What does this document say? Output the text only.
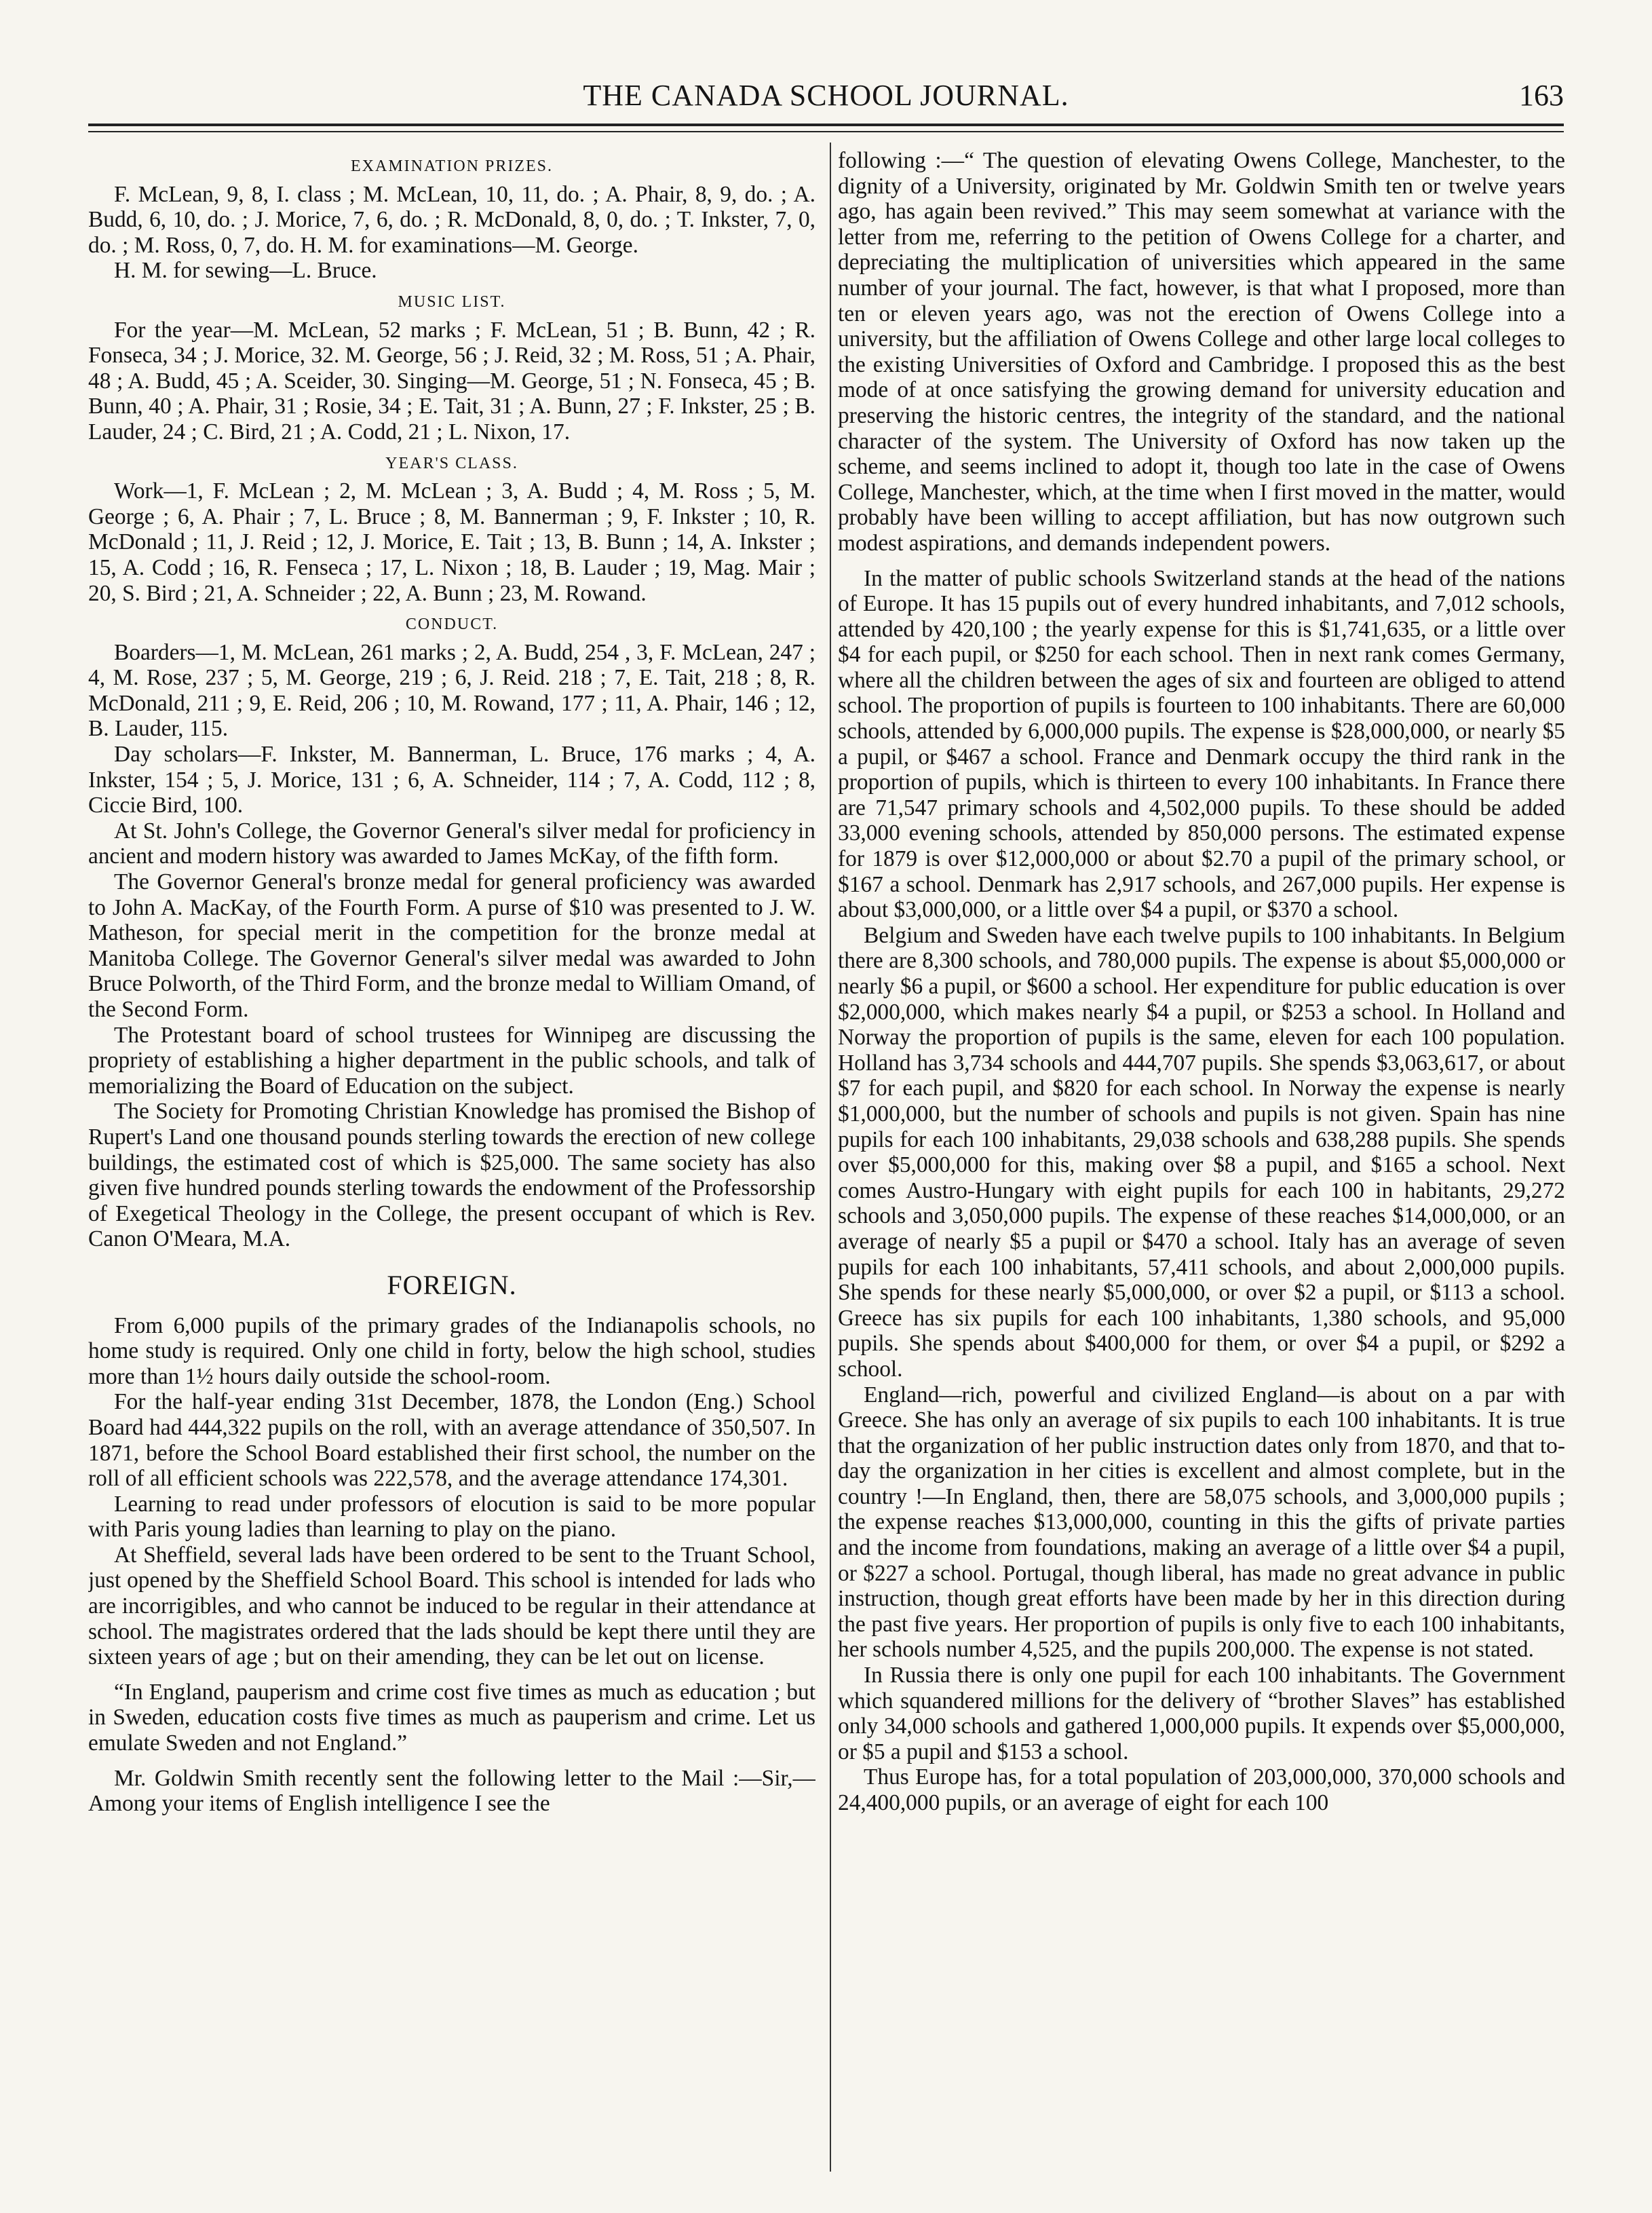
THE CANADA SCHOOL JOURNAL.	163
EXAMINATION PRIZES.

F. McLean, 9, 8, I. class ; M. McLean, 10, 11, do. ; A. Phair, 8, 9, do. ; A. Budd, 6, 10, do. ; J. Morice, 7, 6, do. ; R. McDonald, 8, 0, do. ; T. Inkster, 7, 0, do. ; M. Ross, 0, 7, do. H. M. for examinations—M. George.

H. M. for sewing—L. Bruce.

MUSIC LIST.

For the year—M. McLean, 52 marks ; F. McLean, 51 ; B. Bunn, 42 ; R. Fonseca, 34 ; J. Morice, 32. M. George, 56 ; J. Reid, 32 ; M. Ross, 51 ; A. Phair, 48 ; A. Budd, 45 ; A. Sceider, 30. Singing—M. George, 51 ; N. Fonseca, 45 ; B. Bunn, 40 ; A. Phair, 31 ; Rosie, 34 ; E. Tait, 31 ; A. Bunn, 27 ; F. Inkster, 25 ; B. Lauder, 24 ; C. Bird, 21 ; A. Codd, 21 ; L. Nixon, 17.

YEAR'S CLASS.

Work—1, F. McLean ; 2, M. McLean ; 3, A. Budd ; 4, M. Ross ; 5, M. George ; 6, A. Phair ; 7, L. Bruce ; 8, M. Bannerman ; 9, F. Inkster ; 10, R. McDonald ; 11, J. Reid ; 12, J. Morice, E. Tait ; 13, B. Bunn ; 14, A. Inkster ; 15, A. Codd ; 16, R. Fenseca ; 17, L. Nixon ; 18, B. Lauder ; 19, Mag. Mair ; 20, S. Bird ; 21, A. Schneider ; 22, A. Bunn ; 23, M. Rowand.

CONDUCT.

Boarders—1, M. McLean, 261 marks ; 2, A. Budd, 254 , 3, F. McLean, 247 ; 4, M. Rose, 237 ; 5, M. George, 219 ; 6, J. Reid. 218 ; 7, E. Tait, 218 ; 8, R. McDonald, 211 ; 9, E. Reid, 206 ; 10, M. Rowand, 177 ; 11, A. Phair, 146 ; 12, B. Lauder, 115.

Day scholars—F. Inkster, M. Bannerman, L. Bruce, 176 marks ; 4, A. Inkster, 154 ; 5, J. Morice, 131 ; 6, A. Schneider, 114 ; 7, A. Codd, 112 ; 8, Ciccie Bird, 100.

At St. John's College, the Governor General's silver medal for proficiency in ancient and modern history was awarded to James McKay, of the fifth form.

The Governor General's bronze medal for general proficiency was awarded to John A. MacKay, of the Fourth Form. A purse of $10 was presented to J. W. Matheson, for special merit in the competition for the bronze medal at Manitoba College. The Governor General's silver medal was awarded to John Bruce Polworth, of the Third Form, and the bronze medal to William Omand, of the Second Form.

The Protestant board of school trustees for Winnipeg are discussing the propriety of establishing a higher department in the public schools, and talk of memorializing the Board of Education on the subject.

The Society for Promoting Christian Knowledge has promised the Bishop of Rupert's Land one thousand pounds sterling towards the erection of new college buildings, the estimated cost of which is $25,000. The same society has also given five hundred pounds sterling towards the endowment of the Professorship of Exegetical Theology in the College, the present occupant of which is Rev. Canon O'Meara, M.A.

FOREIGN.

From 6,000 pupils of the primary grades of the Indianapolis schools, no home study is required. Only one child in forty, below the high school, studies more than 1½ hours daily outside the school-room.

For the half-year ending 31st December, 1878, the London (Eng.) School Board had 444,322 pupils on the roll, with an average attendance of 350,507. In 1871, before the School Board established their first school, the number on the roll of all efficient schools was 222,578, and the average attendance 174,301.

Learning to read under professors of elocution is said to be more popular with Paris young ladies than learning to play on the piano.

At Sheffield, several lads have been ordered to be sent to the Truant School, just opened by the Sheffield School Board. This school is intended for lads who are incorrigibles, and who cannot be induced to be regular in their attendance at school. The magistrates ordered that the lads should be kept there until they are sixteen years of age ; but on their amending, they can be let out on license.

“In England, pauperism and crime cost five times as much as education ; but in Sweden, education costs five times as much as pauperism and crime. Let us emulate Sweden and not England.”

Mr. Goldwin Smith recently sent the following letter to the Mail :—Sir,—Among your items of English intelligence I see the

following :—“ The question of elevating Owens College, Manchester, to the dignity of a University, originated by Mr. Goldwin Smith ten or twelve years ago, has again been revived.” This may seem somewhat at variance with the letter from me, referring to the petition of Owens College for a charter, and depreciating the multiplication of universities which appeared in the same number of your journal. The fact, however, is that what I proposed, more than ten or eleven years ago, was not the erection of Owens College into a university, but the affiliation of Owens College and other large local colleges to the existing Universities of Oxford and Cambridge. I proposed this as the best mode of at once satisfying the growing demand for university education and preserving the historic centres, the integrity of the standard, and the national character of the system. The University of Oxford has now taken up the scheme, and seems inclined to adopt it, though too late in the case of Owens College, Manchester, which, at the time when I first moved in the matter, would probably have been willing to accept affiliation, but has now outgrown such modest aspirations, and demands independent powers.

In the matter of public schools Switzerland stands at the head of the nations of Europe. It has 15 pupils out of every hundred inhabitants, and 7,012 schools, attended by 420,100 ; the yearly expense for this is $1,741,635, or a little over $4 for each pupil, or $250 for each school. Then in next rank comes Germany, where all the children between the ages of six and fourteen are obliged to attend school. The proportion of pupils is fourteen to 100 inhabitants. There are 60,000 schools, attended by 6,000,000 pupils. The expense is $28,000,000, or nearly $5 a pupil, or $467 a school. France and Denmark occupy the third rank in the proportion of pupils, which is thirteen to every 100 inhabitants. In France there are 71,547 primary schools and 4,502,000 pupils. To these should be added 33,000 evening schools, attended by 850,000 persons. The estimated expense for 1879 is over $12,000,000 or about $2.70 a pupil of the primary school, or $167 a school. Denmark has 2,917 schools, and 267,000 pupils. Her expense is about $3,000,000, or a little over $4 a pupil, or $370 a school.

Belgium and Sweden have each twelve pupils to 100 inhabitants. In Belgium there are 8,300 schools, and 780,000 pupils. The expense is about $5,000,000 or nearly $6 a pupil, or $600 a school. Her expenditure for public education is over $2,000,000, which makes nearly $4 a pupil, or $253 a school. In Holland and Norway the proportion of pupils is the same, eleven for each 100 population. Holland has 3,734 schools and 444,707 pupils. She spends $3,063,617, or about $7 for each pupil, and $820 for each school. In Norway the expense is nearly $1,000,000, but the number of schools and pupils is not given. Spain has nine pupils for each 100 inhabitants, 29,038 schools and 638,288 pupils. She spends over $5,000,000 for this, making over $8 a pupil, and $165 a school. Next comes Austro-Hungary with eight pupils for each 100 in habitants, 29,272 schools and 3,050,000 pupils. The expense of these reaches $14,000,000, or an average of nearly $5 a pupil or $470 a school. Italy has an average of seven pupils for each 100 inhabitants, 57,411 schools, and about 2,000,000 pupils. She spends for these nearly $5,000,000, or over $2 a pupil, or $113 a school. Greece has six pupils for each 100 inhabitants, 1,380 schools, and 95,000 pupils. She spends about $400,000 for them, or over $4 a pupil, or $292 a school.

England—rich, powerful and civilized England—is about on a par with Greece. She has only an average of six pupils to each 100 inhabitants. It is true that the organization of her public instruction dates only from 1870, and that to-day the organization in her cities is excellent and almost complete, but in the country !—In England, then, there are 58,075 schools, and 3,000,000 pupils ; the expense reaches $13,000,000, counting in this the gifts of private parties and the income from foundations, making an average of a little over $4 a pupil, or $227 a school. Portugal, though liberal, has made no great advance in public instruction, though great efforts have been made by her in this direction during the past five years. Her proportion of pupils is only five to each 100 inhabitants, her schools number 4,525, and the pupils 200,000. The expense is not stated.

In Russia there is only one pupil for each 100 inhabitants. The Government which squandered millions for the delivery of “brother Slaves” has established only 34,000 schools and gathered 1,000,000 pupils. It expends over $5,000,000, or $5 a pupil and $153 a school.

Thus Europe has, for a total population of 203,000,000, 370,000 schools and 24,400,000 pupils, or an average of eight for each 100
